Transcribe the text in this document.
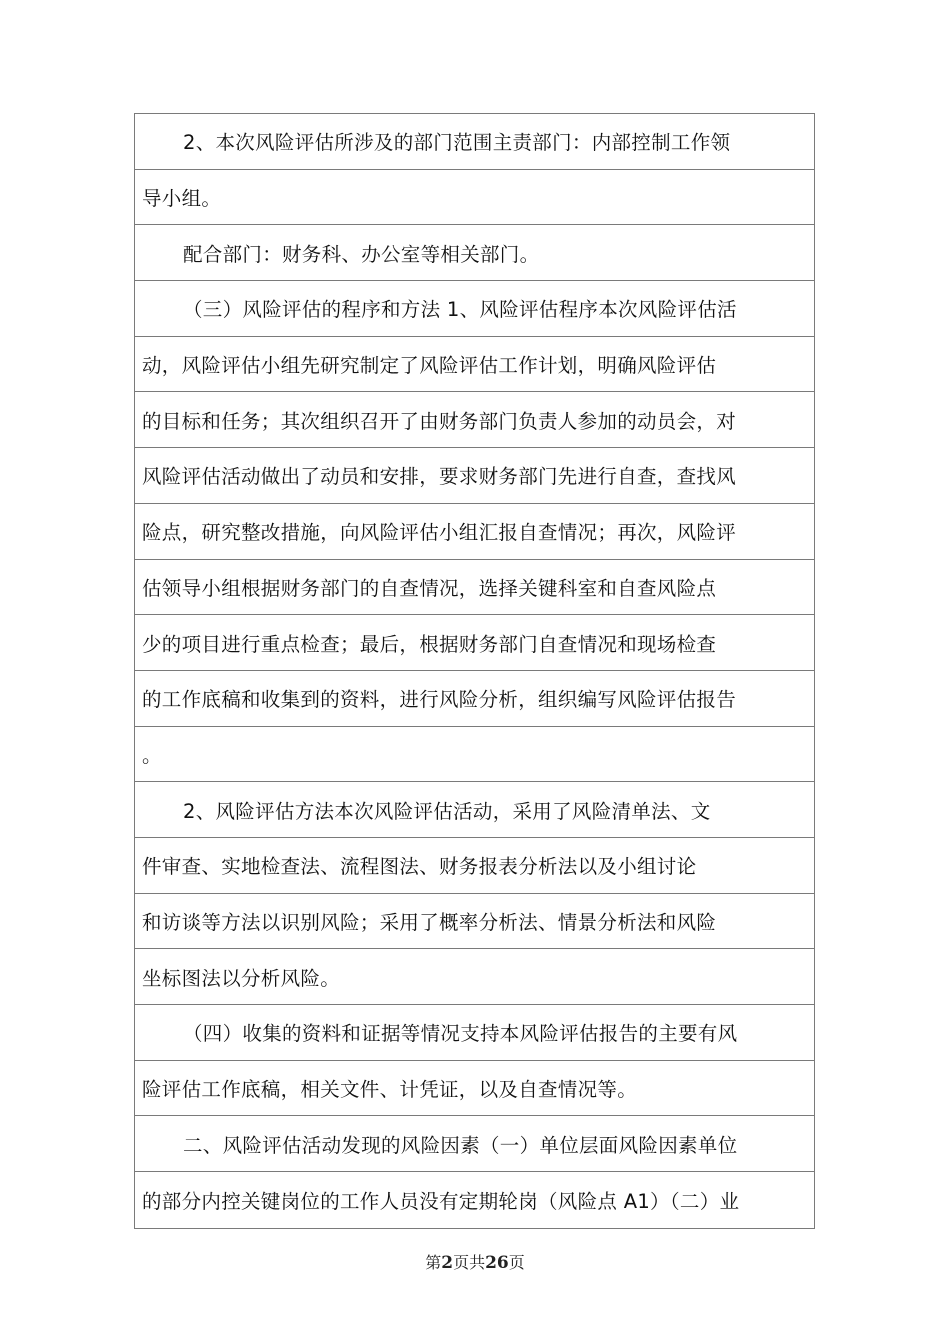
2、本次风险评估所涉及的部门范围主责部门：内部控制工作领
导小组。
配合部门：财务科、办公室等相关部门。
（三）风险评估的程序和方法 1、风险评估程序本次风险评估活
动，风险评估小组先研究制定了风险评估工作计划，明确风险评估
的目标和任务；其次组织召开了由财务部门负责人参加的动员会，对
风险评估活动做出了动员和安排，要求财务部门先进行自查，查找风
险点，研究整改措施，向风险评估小组汇报自查情况；再次，风险评
估领导小组根据财务部门的自查情况，选择关键科室和自查风险点
少的项目进行重点检查；最后，根据财务部门自查情况和现场检查
的工作底稿和收集到的资料，进行风险分析，组织编写风险评估报告
。
2、风险评估方法本次风险评估活动，采用了风险清单法、文
件审查、实地检查法、流程图法、财务报表分析法以及小组讨论
和访谈等方法以识别风险；采用了概率分析法、情景分析法和风险
坐标图法以分析风险。
（四）收集的资料和证据等情况支持本风险评估报告的主要有风
险评估工作底稿，相关文件、计凭证，以及自查情况等。
二、风险评估活动发现的风险因素（一）单位层面风险因素单位
的部分内控关键岗位的工作人员没有定期轮岗（风险点 A1）（二）业
第2页共26页
